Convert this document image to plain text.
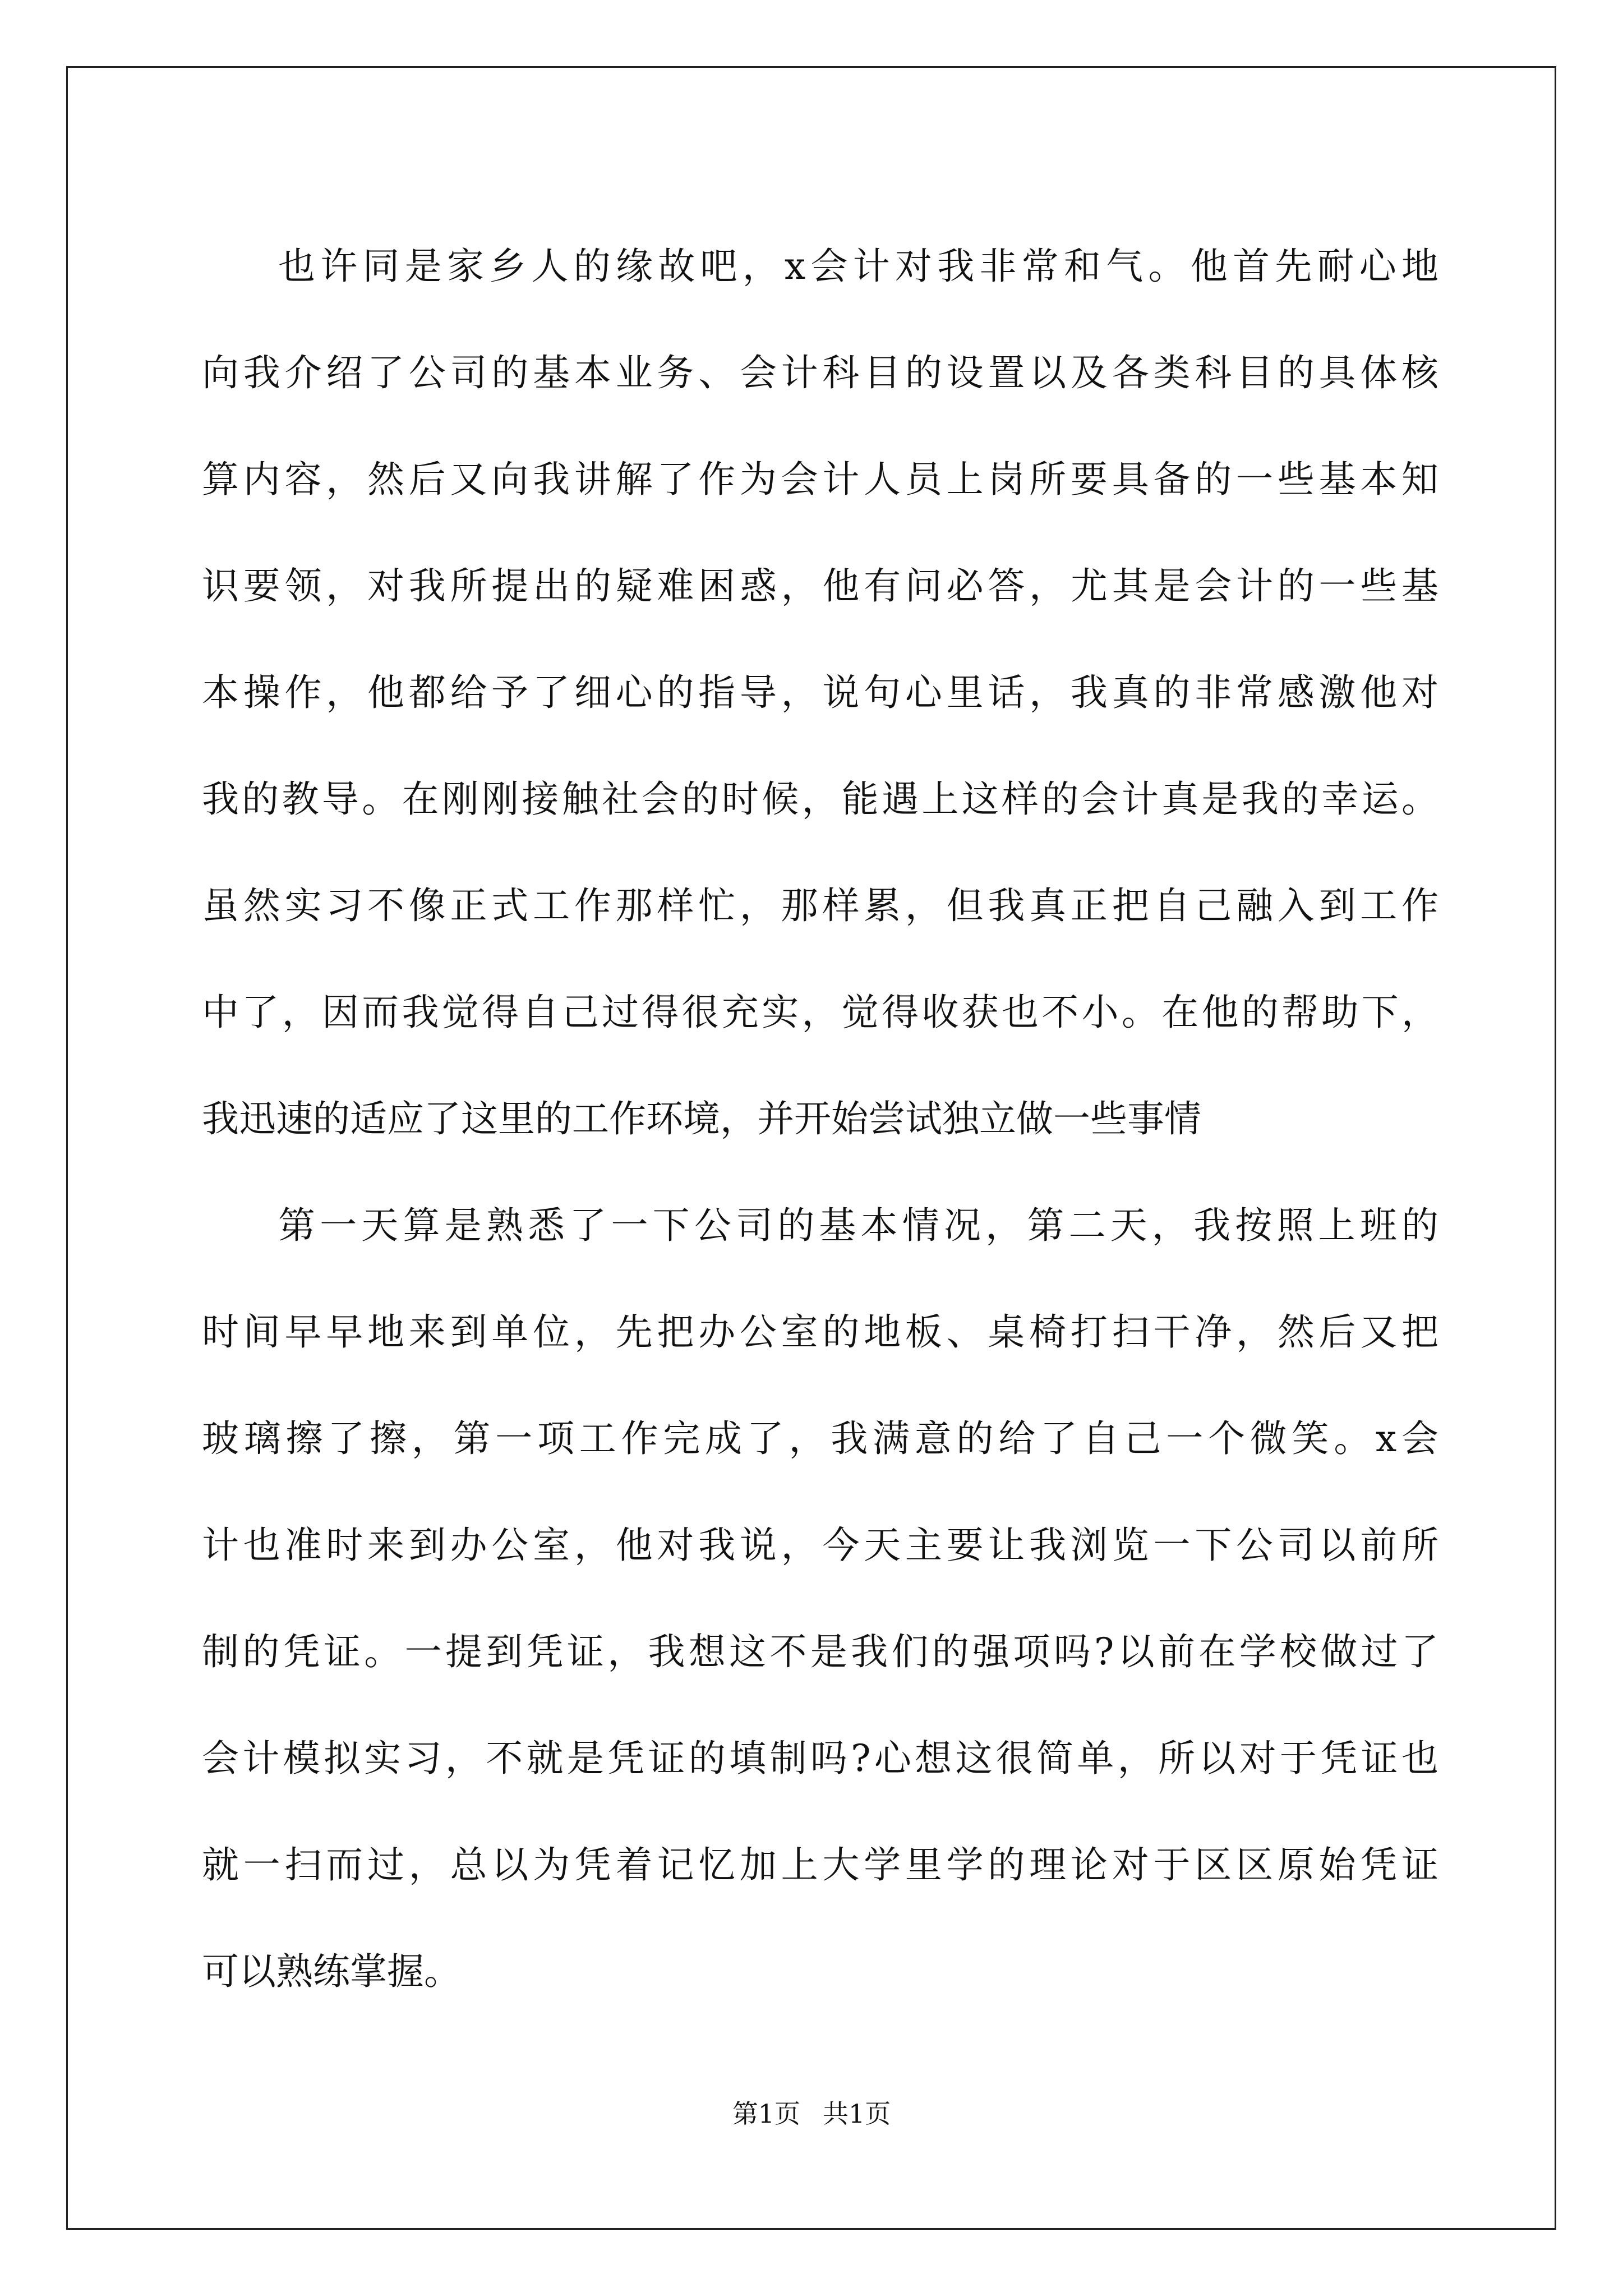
也许同是家乡人的缘故吧，x会计对我非常和气。他首先耐心地
向我介绍了公司的基本业务、会计科目的设置以及各类科目的具体核
算内容，然后又向我讲解了作为会计人员上岗所要具备的一些基本知
识要领，对我所提出的疑难困惑，他有问必答，尤其是会计的一些基
本操作，他都给予了细心的指导，说句心里话，我真的非常感激他对
我的教导。在刚刚接触社会的时候，能遇上这样的会计真是我的幸运。
虽然实习不像正式工作那样忙，那样累，但我真正把自己融入到工作
中了，因而我觉得自己过得很充实，觉得收获也不小。在他的帮助下，
我迅速的适应了这里的工作环境，并开始尝试独立做一些事情
第一天算是熟悉了一下公司的基本情况，第二天，我按照上班的
时间早早地来到单位，先把办公室的地板、桌椅打扫干净，然后又把
玻璃擦了擦，第一项工作完成了，我满意的给了自己一个微笑。x会
计也准时来到办公室，他对我说，今天主要让我浏览一下公司以前所
制的凭证。一提到凭证，我想这不是我们的强项吗?以前在学校做过了
会计模拟实习，不就是凭证的填制吗?心想这很简单，所以对于凭证也
就一扫而过，总以为凭着记忆加上大学里学的理论对于区区原始凭证
可以熟练掌握。
第1页 共1页
